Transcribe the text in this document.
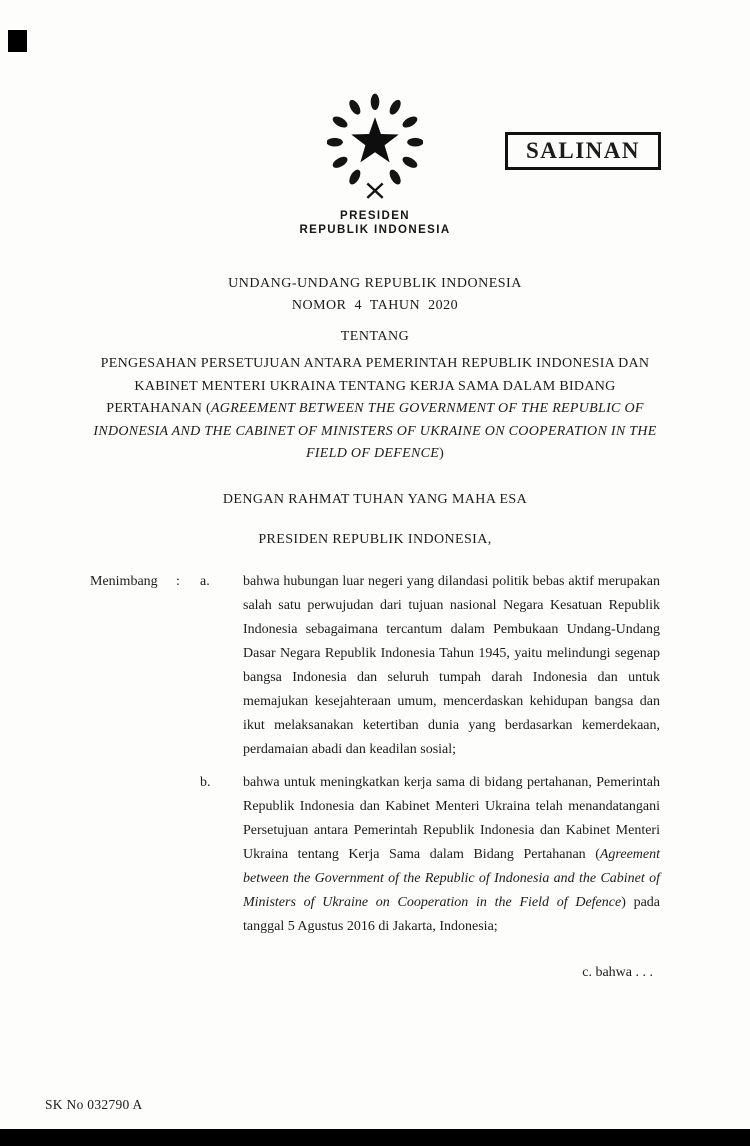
SALINAN
PRESIDEN
REPUBLIK INDONESIA
UNDANG-UNDANG REPUBLIK INDONESIA
NOMOR  4  TAHUN  2020
TENTANG

PENGESAHAN PERSETUJUAN ANTARA PEMERINTAH REPUBLIK INDONESIA DAN KABINET MENTERI UKRAINA TENTANG KERJA SAMA DALAM BIDANG PERTAHANAN (AGREEMENT BETWEEN THE GOVERNMENT OF THE REPUBLIC OF INDONESIA AND THE CABINET OF MINISTERS OF UKRAINE ON COOPERATION IN THE FIELD OF DEFENCE)

DENGAN RAHMAT TUHAN YANG MAHA ESA
PRESIDEN REPUBLIK INDONESIA,
Menimbang	:	a.	bahwa hubungan luar negeri yang dilandasi politik bebas aktif merupakan salah satu perwujudan dari tujuan nasional Negara Kesatuan Republik Indonesia sebagaimana tercantum dalam Pembukaan Undang-Undang Dasar Negara Republik Indonesia Tahun 1945, yaitu melindungi segenap bangsa Indonesia dan seluruh tumpah darah Indonesia dan untuk memajukan kesejahteraan umum, mencerdaskan kehidupan bangsa dan ikut melaksanakan ketertiban dunia yang berdasarkan kemerdekaan, perdamaian abadi dan keadilan sosial;
b.	bahwa untuk meningkatkan kerja sama di bidang pertahanan, Pemerintah Republik Indonesia dan Kabinet Menteri Ukraina telah menandatangani Persetujuan antara Pemerintah Republik Indonesia dan Kabinet Menteri Ukraina tentang Kerja Sama dalam Bidang Pertahanan (Agreement between the Government of the Republic of Indonesia and the Cabinet of Ministers of Ukraine on Cooperation in the Field of Defence) pada tanggal 5 Agustus 2016 di Jakarta, Indonesia;
c. bahwa . . .
SK No 032790 A
